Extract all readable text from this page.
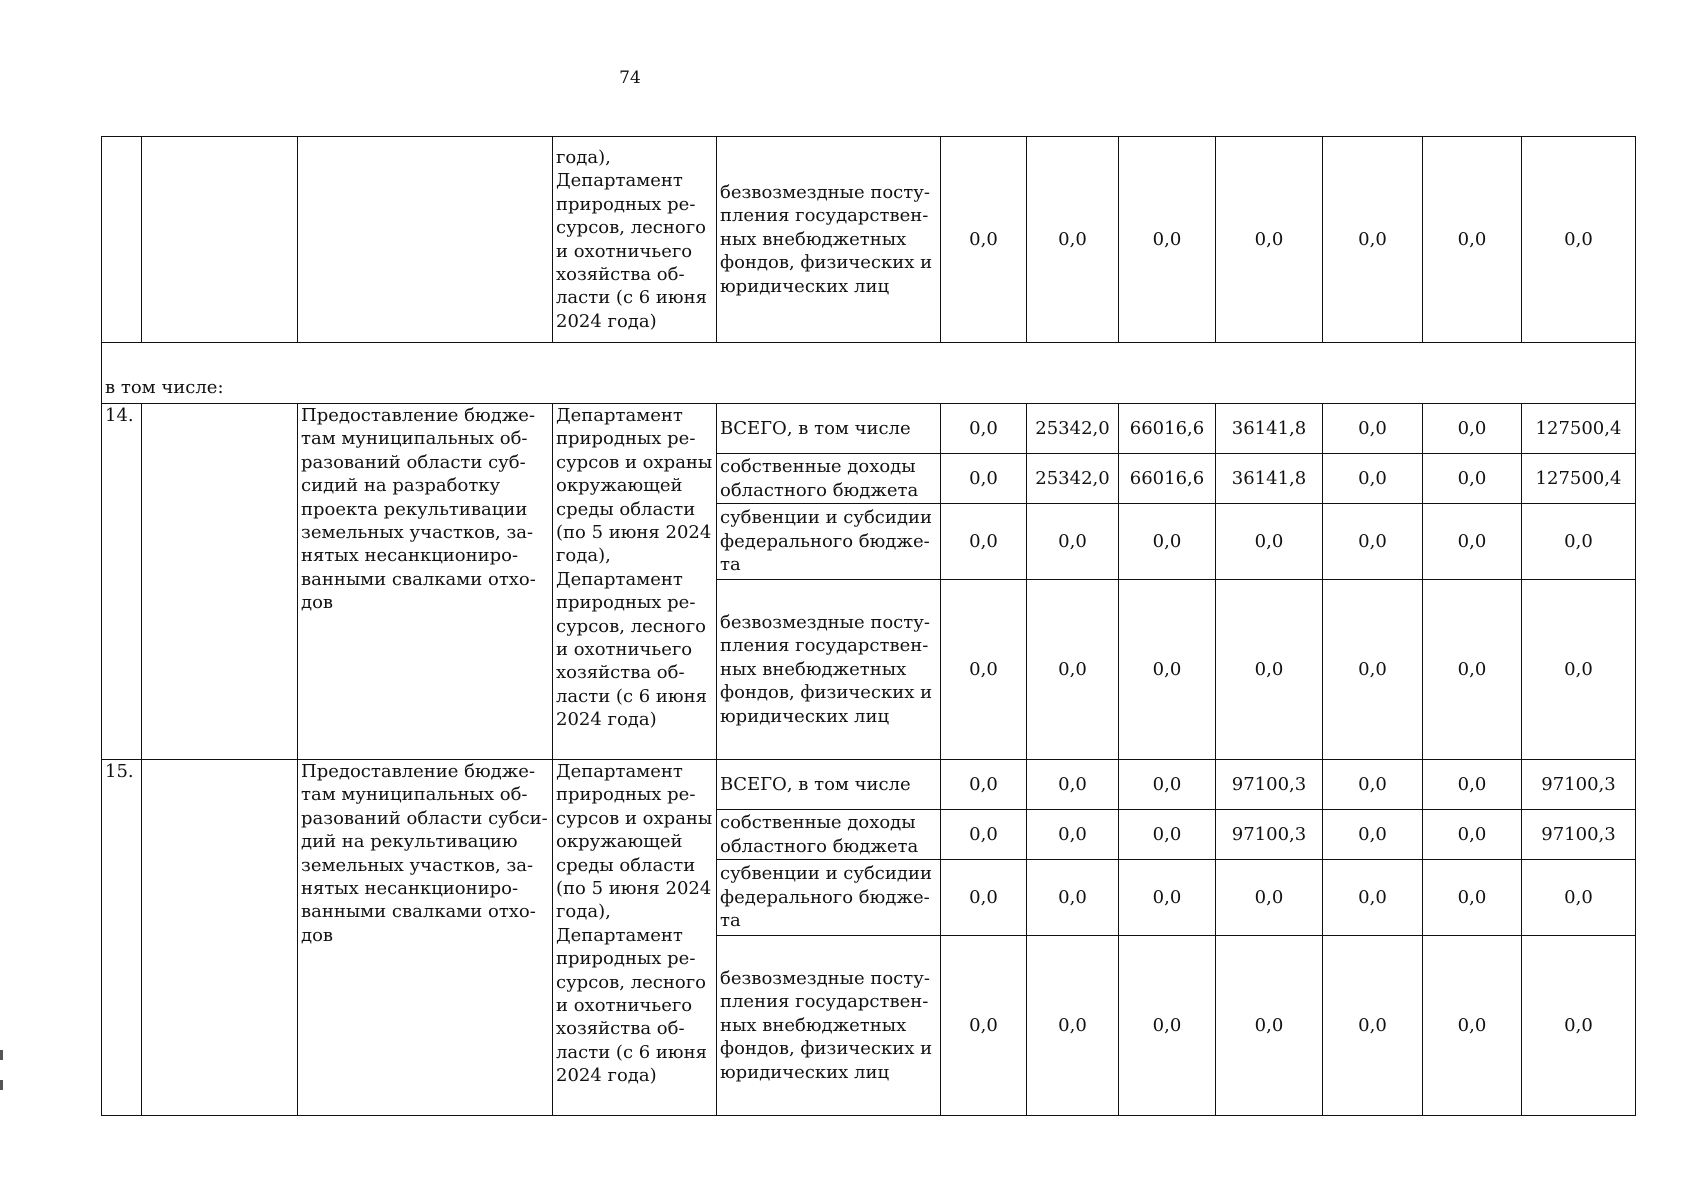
74
			года), Департамент природных ресурсов, лесного и охотничьего хозяйства области (с 6 июня 2024 года)	безвозмездные поступления государственных внебюджетных фондов, физических и юридических лиц	0,0	0,0	0,0	0,0	0,0	0,0	0,0
в том числе:											
14.		Предоставление бюджетам муниципальных образований области субсидий на разработку проекта рекультивации земельных участков, занятых несанкционированными свалками отходов	Департамент природных ресурсов и охраны окружающей среды области (по 5 июня 2024 года), Департамент природных ресурсов, лесного и охотничьего хозяйства области (с 6 июня 2024 года)	ВСЕГО, в том числе	0,0	25342,0	66016,6	36141,8	0,0	0,0	127500,4
				собственные доходы областного бюджета	0,0	25342,0	66016,6	36141,8	0,0	0,0	127500,4
				субвенции и субсидии федерального бюджета	0,0	0,0	0,0	0,0	0,0	0,0	0,0
				безвозмездные поступления государственных внебюджетных фондов, физических и юридических лиц	0,0	0,0	0,0	0,0	0,0	0,0	0,0
15.		Предоставление бюджетам муниципальных образований области субсидий на рекультивацию земельных участков, занятых несанкционированными свалками отходов	Департамент природных ресурсов и охраны окружающей среды области (по 5 июня 2024 года), Департамент природных ресурсов, лесного и охотничьего хозяйства области (с 6 июня 2024 года)	ВСЕГО, в том числе	0,0	0,0	0,0	97100,3	0,0	0,0	97100,3
				собственные доходы областного бюджета	0,0	0,0	0,0	97100,3	0,0	0,0	97100,3
				субвенции и субсидии федерального бюджета	0,0	0,0	0,0	0,0	0,0	0,0	0,0
				безвозмездные поступления государственных внебюджетных фондов, физических и юридических лиц	0,0	0,0	0,0	0,0	0,0	0,0	0,0
